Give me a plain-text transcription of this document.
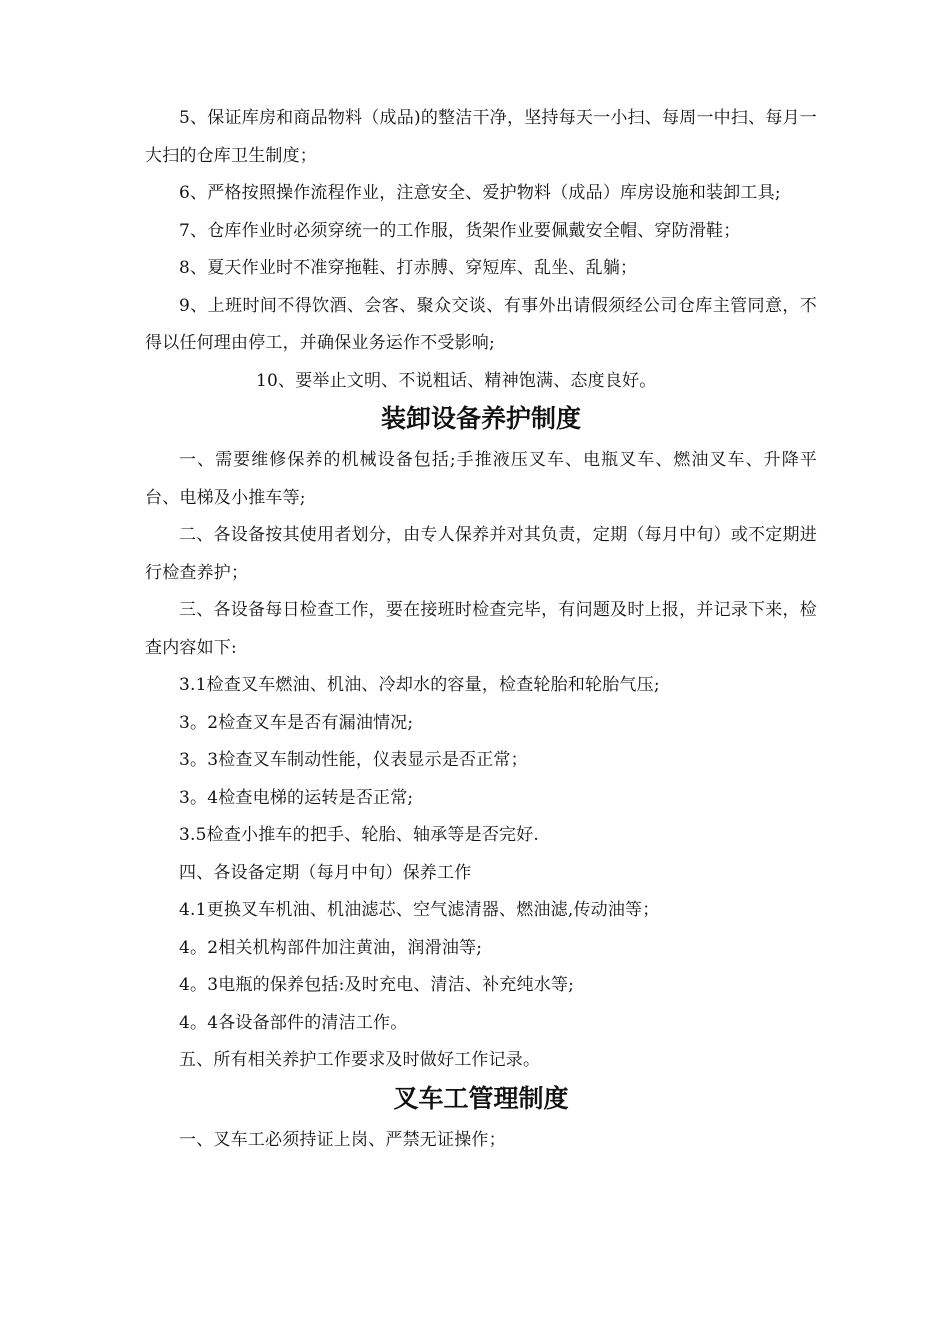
5、保证库房和商品物料（成品)的整洁干净，坚持每天一小扫、每周一中扫、每月一大扫的仓库卫生制度；

6、严格按照操作流程作业，注意安全、爱护物料（成品）库房设施和装卸工具;

7、仓库作业时必须穿统一的工作服，货架作业要佩戴安全帽、穿防滑鞋；

8、夏天作业时不准穿拖鞋、打赤膊、穿短库、乱坐、乱躺；

9、上班时间不得饮酒、会客、聚众交谈、有事外出请假须经公司仓库主管同意，不得以任何理由停工，并确保业务运作不受影响;

10、要举止文明、不说粗话、精神饱满、态度良好。

装卸设备养护制度

一、需要维修保养的机械设备包括;手推液压叉车、电瓶叉车、燃油叉车、升降平台、电梯及小推车等;

二、各设备按其使用者划分，由专人保养并对其负责，定期（每月中旬）或不定期进行检查养护；

三、各设备每日检查工作，要在接班时检查完毕，有问题及时上报，并记录下来，检查内容如下:

3.1检查叉车燃油、机油、冷却水的容量，检查轮胎和轮胎气压;

3。2检查叉车是否有漏油情况;

3。3检查叉车制动性能，仪表显示是否正常；

3。4检查电梯的运转是否正常;

3.5检查小推车的把手、轮胎、轴承等是否完好.

四、各设备定期（每月中旬）保养工作

4.1更换叉车机油、机油滤芯、空气滤清器、燃油滤,传动油等；

4。2相关机构部件加注黄油，润滑油等;

4。3电瓶的保养包括:及时充电、清洁、补充纯水等;

4。4各设备部件的清洁工作。

五、所有相关养护工作要求及时做好工作记录。

叉车工管理制度

一、叉车工必须持证上岗、严禁无证操作；
